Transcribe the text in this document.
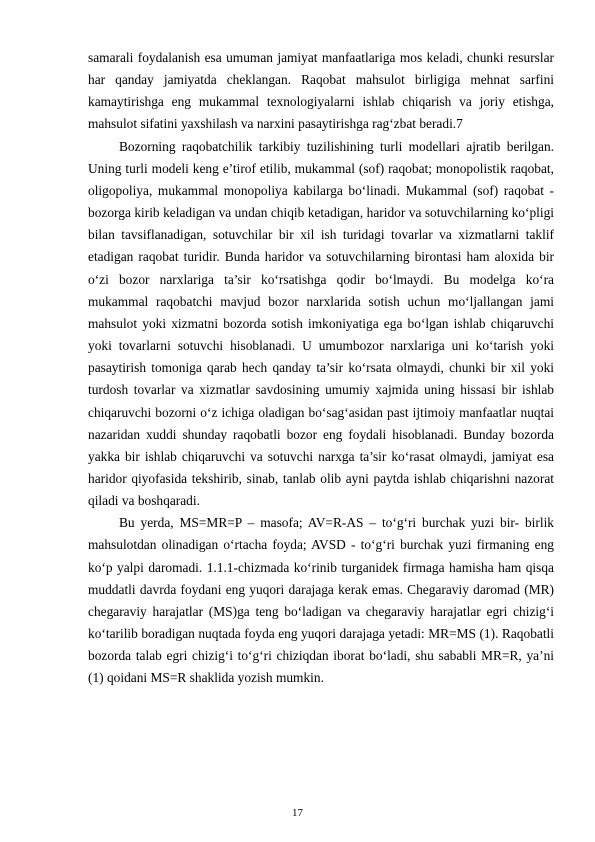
samarali foydalanish esa umuman jamiyat manfaatlariga mos keladi, chunki resurslar har qanday jamiyatda cheklangan. Raqobat mahsulot birligiga mehnat sarfini kamaytirishga eng mukammal texnologiyalarni ishlab chiqarish va joriy etishga, mahsulot sifatini yaxshilash va narxini pasaytirishga rag‘zbat beradi.7

Bozorning raqobatchilik tarkibiy tuzilishining turli modellari ajratib berilgan. Uning turli modeli keng e’tirof etilib, mukammal (sof) raqobat; monopolistik raqobat, oligopoliya, mukammal monopoliya kabilarga bo‘linadi. Mukammal (sof) raqobat - bozorga kirib keladigan va undan chiqib ketadigan, haridor va sotuvchilarning ko‘pligi bilan tavsiflanadigan, sotuvchilar bir xil ish turidagi tovarlar va xizmatlarni taklif etadigan raqobat turidir. Bunda haridor va sotuvchilarning birontasi ham aloxida bir o‘zi bozor narxlariga ta’sir ko‘rsatishga qodir bo‘lmaydi. Bu modelga ko‘ra mukammal raqobatchi mavjud bozor narxlarida sotish uchun mo‘ljallangan jami mahsulot yoki xizmatni bozorda sotish imkoniyatiga ega bo‘lgan ishlab chiqaruvchi yoki tovarlarni sotuvchi hisoblanadi. U umumbozor narxlariga uni ko‘tarish yoki pasaytirish tomoniga qarab hech qanday ta’sir ko‘rsata olmaydi, chunki bir xil yoki turdosh tovarlar va xizmatlar savdosining umumiy xajmida uning hissasi bir ishlab chiqaruvchi bozorni o‘z ichiga oladigan bo‘sag‘asidan past ijtimoiy manfaatlar nuqtai nazaridan xuddi shunday raqobatli bozor eng foydali hisoblanadi. Bunday bozorda yakka bir ishlab chiqaruvchi va sotuvchi narxga ta’sir ko‘rasat olmaydi, jamiyat esa haridor qiyofasida tekshirib, sinab, tanlab olib ayni paytda ishlab chiqarishni nazorat qiladi va boshqaradi.

Bu yerda, MS=MR=P – masofa; AV=R-AS – to‘g‘ri burchak yuzi bir- birlik mahsulotdan olinadigan o‘rtacha foyda; AVSD - to‘g‘ri burchak yuzi firmaning eng ko‘p yalpi daromadi. 1.1.1-chizmada ko‘rinib turganidek firmaga hamisha ham qisqa muddatli davrda foydani eng yuqori darajaga kerak emas. Chegaraviy daromad (MR) chegaraviy harajatlar (MS)ga teng bo‘ladigan va chegaraviy harajatlar egri chizig‘i ko‘tarilib boradigan nuqtada foyda eng yuqori darajaga yetadi: MR=MS (1). Raqobatli bozorda talab egri chizig‘i to‘g‘ri chiziqdan iborat bo‘ladi, shu sababli MR=R, ya’ni (1) qoidani MS=R shaklida yozish mumkin.

17
